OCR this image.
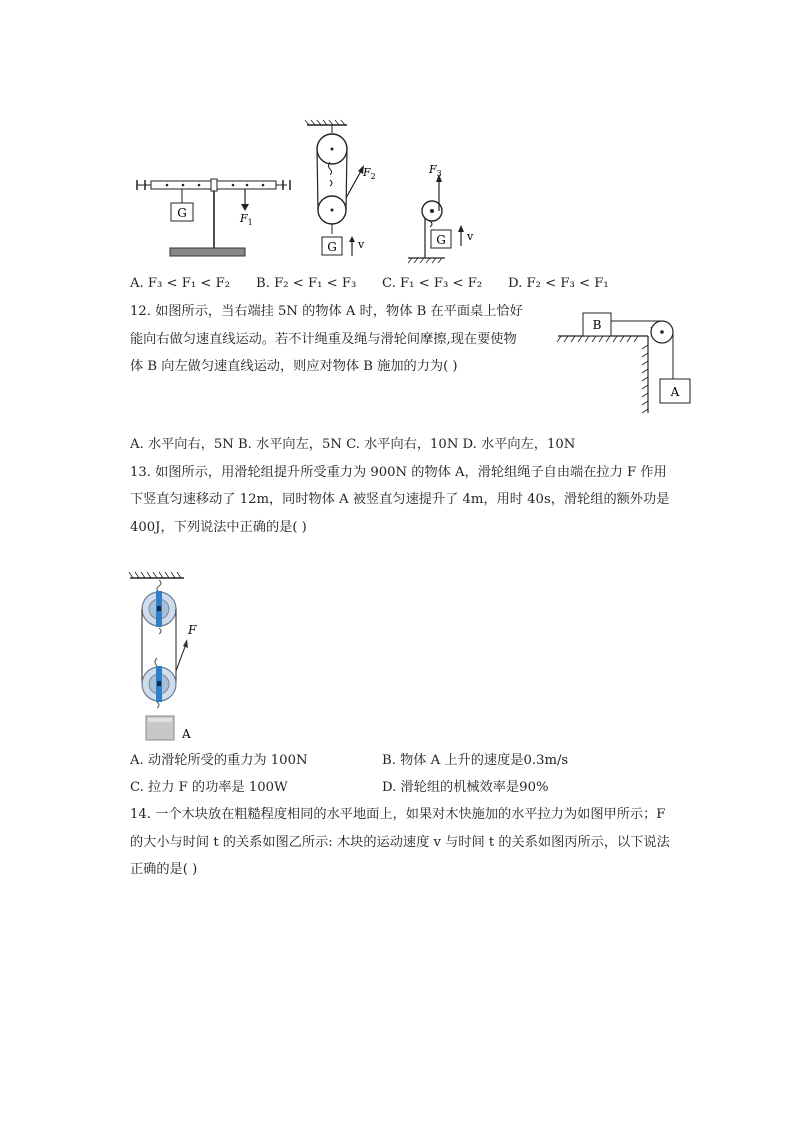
G	$F_1$
$F_2$
G v
$F_3$
G v
A. F₃ < F₁ < F₂ B. F₂ < F₁ < F₃ C. F₁ < F₃ < F₂ D. F₂ < F₃ < F₁
12. 如图所示，当右端挂 5N 的物体 A 时，物体 B 在平面桌上恰好
能向右做匀速直线运动。若不计绳重及绳与滑轮间摩擦,现在要使物
体 B 向左做匀速直线运动，则应对物体 B 施加的力为( )
B
A
A. 水平向右，5N B. 水平向左，5N C. 水平向右，10N D. 水平向左，10N
13. 如图所示，用滑轮组提升所受重力为 900N 的物体 A，滑轮组绳子自由端在拉力 F 作用
下竖直匀速移动了 12m，同时物体 A 被竖直匀速提升了 4m，用时 40s，滑轮组的额外功是
400J，下列说法中正确的是( )
F
A
A. 动滑轮所受的重力为 100N	B. 物体 A 上升的速度是0.3m/s
C. 拉力 F 的功率是 100W	D. 滑轮组的机械效率是90%
14. 一个木块放在粗糙程度相同的水平地面上，如果对木快施加的水平拉力为如图甲所示；F
的大小与时间 t 的关系如图乙所示: 木块的运动速度 v 与时间 t 的关系如图丙所示，以下说法
正确的是( )
